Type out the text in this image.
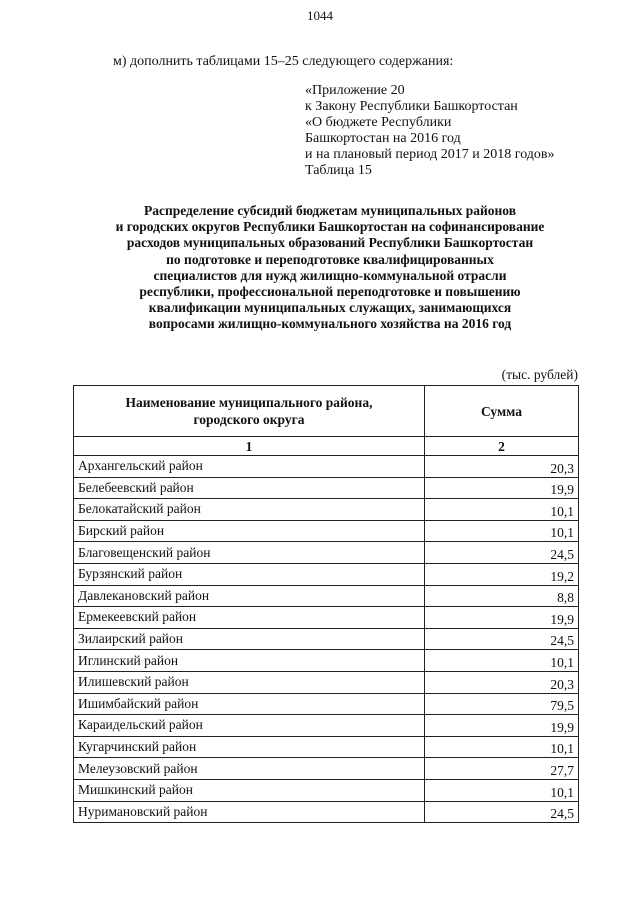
1044
м) дополнить таблицами 15–25 следующего содержания:
«Приложение 20
к Закону Республики Башкортостан
«О бюджете Республики
Башкортостан на 2016 год
и на плановый период 2017 и 2018 годов»
Таблица 15
Распределение субсидий бюджетам муниципальных районов
и городских округов Республики Башкортостан на софинансирование
расходов муниципальных образований Республики Башкортостан
по подготовке и переподготовке квалифицированных
специалистов для нужд жилищно-коммунальной отрасли
республики, профессиональной переподготовке и повышению
квалификации муниципальных служащих, занимающихся
вопросами жилищно-коммунального хозяйства на 2016 год
(тыс. рублей)
Наименование муниципального района,
городского округа	Сумма
1	2
Архангельский район	20,3
Белебеевский район	19,9
Белокатайский район	10,1
Бирский район	10,1
Благовещенский район	24,5
Бурзянский район	19,2
Давлекановский район	8,8
Ермекеевский район	19,9
Зилаирский район	24,5
Иглинский район	10,1
Илишевский район	20,3
Ишимбайский район	79,5
Караидельский район	19,9
Кугарчинский район	10,1
Мелеузовский район	27,7
Мишкинский район	10,1
Нуримановский район	24,5
